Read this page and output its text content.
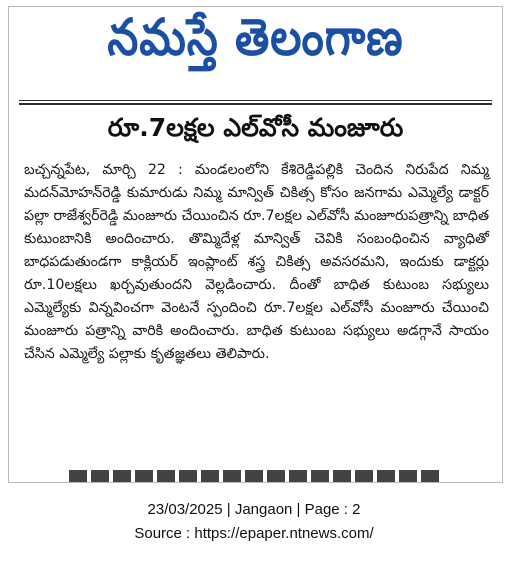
నమస్తే తెలంగాణ
రూ.7లక్షల ఎల్‌వోసీ మంజూరు

బచ్చన్నపేట, మార్చి 22 : మండలంలోని కేశిరెడ్డిపల్లికి చెందిన నిరుపేద నిమ్మ మదన్‌మోహన్‌రెడ్డి కుమారుడు నిమ్మ మాన్విత్ చికిత్స కోసం జనగామ ఎమ్మెల్యే డాక్టర్ పల్లా రాజేశ్వర్‌రెడ్డి మంజూరు చేయించిన రూ.7లక్షల ఎల్‌వోసీ మంజూరుపత్రాన్ని బాధిత కుటుంబానికి అందించారు. తొమ్మిదేళ్ల మాన్విత్ చెవికి సంబంధించిన వ్యాధితో బాధపడుతుండగా కాక్లియర్ ఇంప్లాంట్ శస్త్ర చికిత్స అవసరమని, ఇందుకు డాక్టర్లు రూ.10లక్షలు ఖర్చవుతుందని వెల్లడించారు. దీంతో బాధిత కుటుంబ సభ్యులు ఎమ్మెల్యేకు విన్నవించగా వెంటనే స్పందించి రూ.7లక్షల ఎల్‌వోసీ మంజూరు చేయించి మంజూరు పత్రాన్ని వారికి అందించారు. బాధిత కుటుంబ సభ్యులు అడగ్గానే సాయం చేసిన ఎమ్మెల్యే పల్లాకు కృతజ్ఞతలు తెలిపారు.

23/03/2025 | Jangaon | Page : 2
Source : https://epaper.ntnews.com/
